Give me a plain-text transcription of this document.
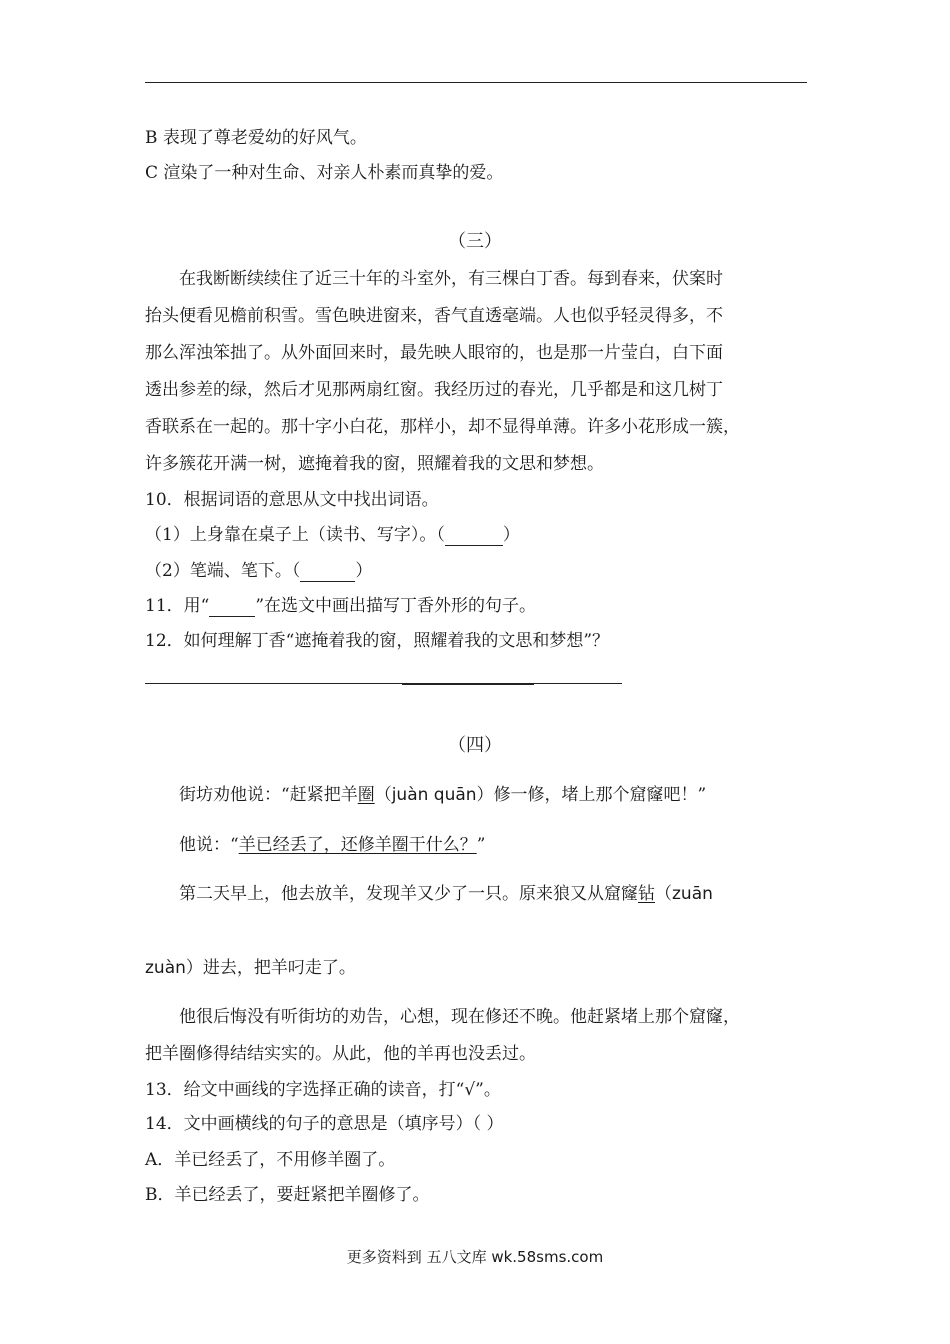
B 表现了尊老爱幼的好风气。
C 渲染了一种对生命、对亲人朴素而真挚的爱。
（三）
在我断断续续住了近三十年的斗室外，有三棵白丁香。每到春来，伏案时
抬头便看见檐前积雪。雪色映进窗来，香气直透毫端。人也似乎轻灵得多，不
那么浑浊笨拙了。从外面回来时，最先映人眼帘的，也是那一片莹白，白下面
透出参差的绿，然后才见那两扇红窗。我经历过的春光，几乎都是和这几树丁
香联系在一起的。那十字小白花，那样小，却不显得单薄。许多小花形成一簇，
许多簇花开满一树，遮掩着我的窗，照耀着我的文思和梦想。
10．根据词语的意思从文中找出词语。
（1）上身靠在桌子上（读书、写字）。（	）
（2）笔端、笔下。（	）
11．用“	”在选文中画出描写丁香外形的句子。
12．如何理解丁香“遮掩着我的窗，照耀着我的文思和梦想”？
（四）
街坊劝他说：“赶紧把羊圈（juàn quān）修一修，堵上那个窟窿吧！”
他说：“羊已经丢了，还修羊圈干什么？”
第二天早上，他去放羊，发现羊又少了一只。原来狼又从窟窿钻（zuān
zuàn）进去，把羊叼走了。
他很后悔没有听街坊的劝告，心想，现在修还不晚。他赶紧堵上那个窟窿，
把羊圈修得结结实实的。从此，他的羊再也没丢过。
13．给文中画线的字选择正确的读音，打“√”。
14．文中画横线的句子的意思是（填序号）（ ）
A．羊已经丢了，不用修羊圈了。
B．羊已经丢了，要赶紧把羊圈修了。
更多资料到 五八文库 wk.58sms.com
